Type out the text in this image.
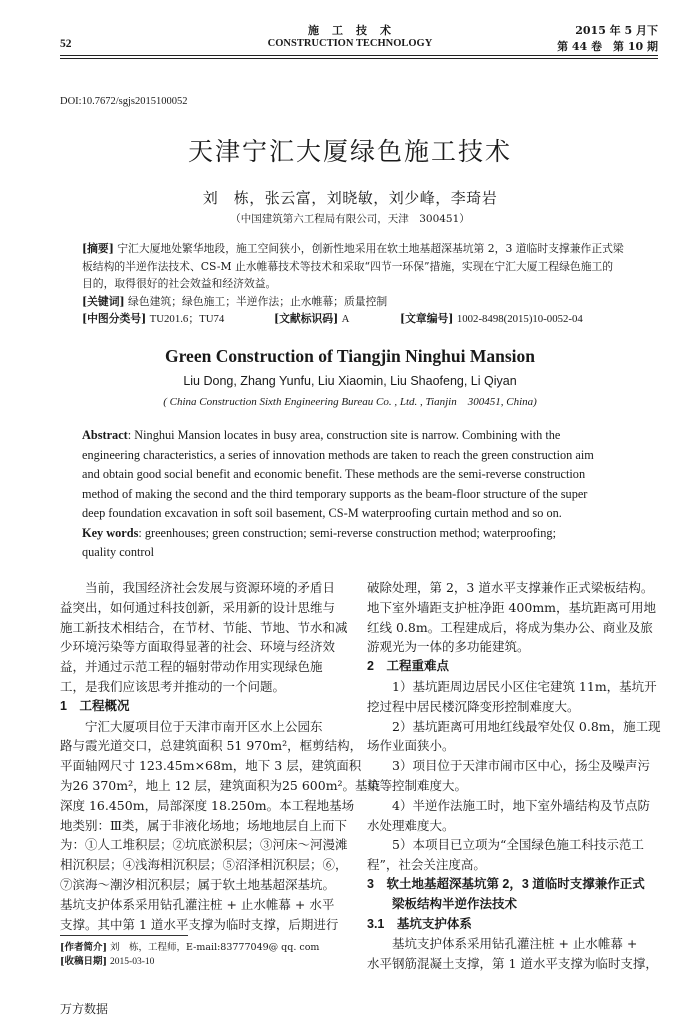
施　工　技　术
CONSTRUCTION TECHNOLOGY
52
2015 年 5 月下
第 44 卷　第 10 期
DOI:10.7672/sgjs2015100052
天津宁汇大厦绿色施工技术
刘　栋，张云富，刘晓敏，刘少峰，李琦岩
（中国建筑第六工程局有限公司，天津　300451）

[摘要] 宁汇大厦地处繁华地段，施工空间狭小，创新性地采用在软土地基超深基坑第 2，3 道临时支撑兼作正式梁

板结构的半逆作法技术、CS-M 止水帷幕技术等技术和采取“四节一环保”措施，实现在宁汇大厦工程绿色施工的

目的，取得很好的社会效益和经济效益。

[关键词] 绿色建筑；绿色施工；半逆作法；止水帷幕；质量控制

[中图分类号] TU201.6；TU74	[文献标识码] A	[文章编号] 1002-8498(2015)10-0052-04
Green Construction of Tiangjin Ninghui Mansion
Liu Dong, Zhang Yunfu, Liu Xiaomin, Liu Shaofeng, Li Qiyan
( China Construction Sixth Engineering Bureau Co. , Ltd. , Tianjin　300451, China)

Abstract: Ninghui Mansion locates in busy area, construction site is narrow. Combining with the

engineering characteristics, a series of innovation methods are taken to reach the green construction aim

and obtain good social benefit and economic benefit. These methods are the semi-reverse construction

method of making the second and the third temporary supports as the beam-floor structure of the super

deep foundation excavation in soft soil basement, CS-M waterproofing curtain method and so on.

Key words: greenhouses; green construction; semi-reverse construction method; waterproofing;

quality control

　　当前，我国经济社会发展与资源环境的矛盾日

益突出，如何通过科技创新，采用新的设计思维与

施工新技术相结合，在节材、节能、节地、节水和减

少环境污染等方面取得显著的社会、环境与经济效

益，并通过示范工程的辐射带动作用实现绿色施

工，是我们应该思考并推动的一个问题。

1　工程概况

　　宁汇大厦项目位于天津市南开区水上公园东

路与霞光道交口，总建筑面积 51 970m²，框剪结构，

平面轴网尺寸 123.45m×68m，地下 3 层，建筑面积

为26 370m²，地上 12 层，建筑面积为25 600m²。基坑

深度 16.450m，局部深度 18.250m。本工程地基场

地类别：Ⅲ类，属于非液化场地；场地地层自上而下

为：①人工堆积层；②坑底淤积层；③河床～河漫滩

相沉积层；④浅海相沉积层；⑤沼泽相沉积层；⑥，

⑦滨海～潮汐相沉积层；属于软土地基超深基坑。

基坑支护体系采用钻孔灌注桩 + 止水帷幕 + 水平

支撑。其中第 1 道水平支撑为临时支撑，后期进行

[作者简介] 刘　栋，工程师，E-mail:83777049@ qq. com
[收稿日期] 2015-03-10

破除处理，第 2，3 道水平支撑兼作正式梁板结构。

地下室外墙距支护桩净距 400mm，基坑距离可用地

红线 0.8m。工程建成后，将成为集办公、商业及旅

游观光为一体的多功能建筑。

2　工程重难点

　　1）基坑距周边居民小区住宅建筑 11m，基坑开

挖过程中居民楼沉降变形控制难度大。

　　2）基坑距离可用地红线最窄处仅 0.8m，施工现

场作业面狭小。

　　3）项目位于天津市闹市区中心，扬尘及噪声污

染等控制难度大。

　　4）半逆作法施工时，地下室外墙结构及节点防

水处理难度大。

　　5）本项目已立项为“全国绿色施工科技示范工

程”，社会关注度高。

3　软土地基超深基坑第 2，3 道临时支撑兼作正式

　　梁板结构半逆作法技术

3.1　基坑支护体系

　　基坑支护体系采用钻孔灌注桩 + 止水帷幕 +

水平钢筋混凝土支撑，第 1 道水平支撑为临时支撑，

万方数据
